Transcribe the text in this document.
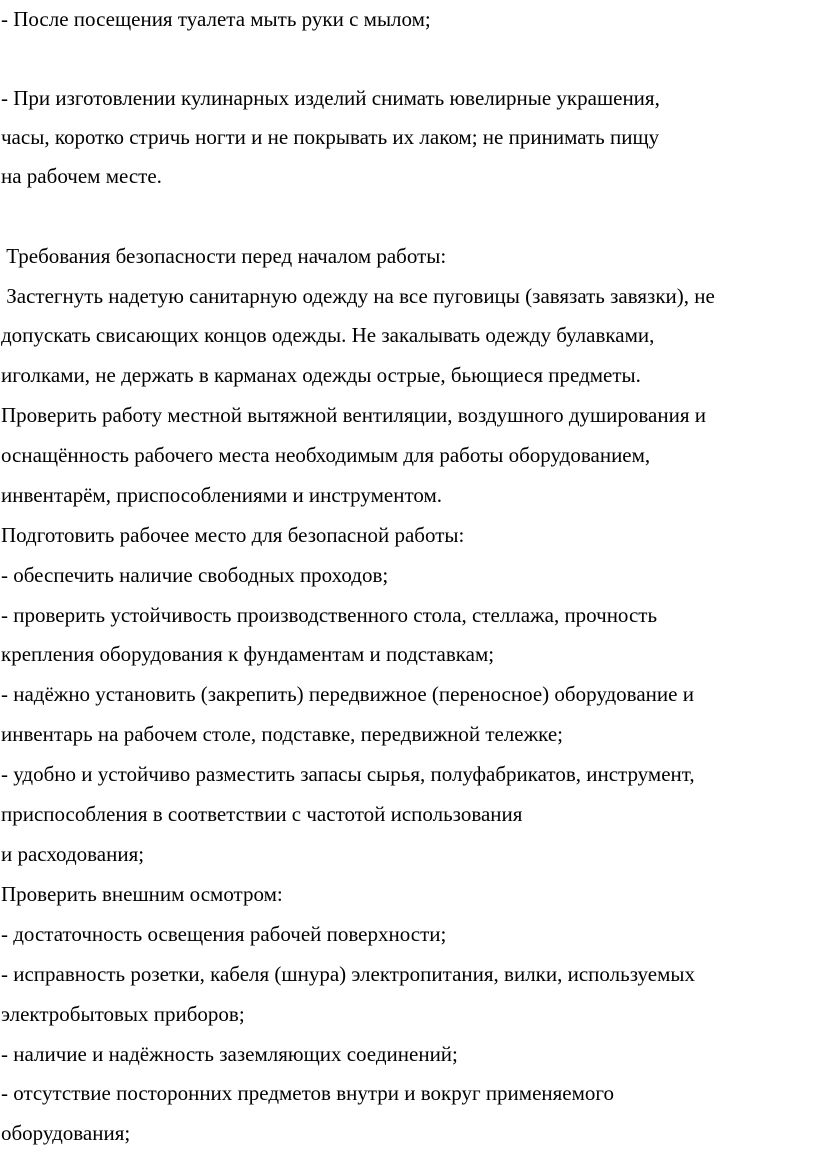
- После посещения туалета мыть руки с мылом;
- При изготовлении кулинарных изделий снимать ювелирные украшения,
часы, коротко стричь ногти и не покрывать их лаком; не принимать пищу
на рабочем месте.
Требования безопасности перед началом работы:
Застегнуть надетую санитарную одежду на все пуговицы (завязать завязки), не
допускать свисающих концов одежды. Не закалывать одежду булавками,
иголками, не держать в карманах одежды острые, бьющиеся предметы.
Проверить работу местной вытяжной вентиляции, воздушного душирования и
оснащённость рабочего места необходимым для работы оборудованием,
инвентарём, приспособлениями и инструментом.
Подготовить рабочее место для безопасной работы:
- обеспечить наличие свободных проходов;
- проверить устойчивость производственного стола, стеллажа, прочность
крепления оборудования к фундаментам и подставкам;
- надёжно установить (закрепить) передвижное (переносное) оборудование и
инвентарь на рабочем столе, подставке, передвижной тележке;
- удобно и устойчиво разместить запасы сырья, полуфабрикатов, инструмент,
приспособления в соответствии с частотой использования
и расходования;
Проверить внешним осмотром:
- достаточность освещения рабочей поверхности;
- исправность розетки, кабеля (шнура) электропитания, вилки, используемых
электробытовых приборов;
- наличие и надёжность заземляющих соединений;
- отсутствие посторонних предметов внутри и вокруг применяемого
оборудования;
